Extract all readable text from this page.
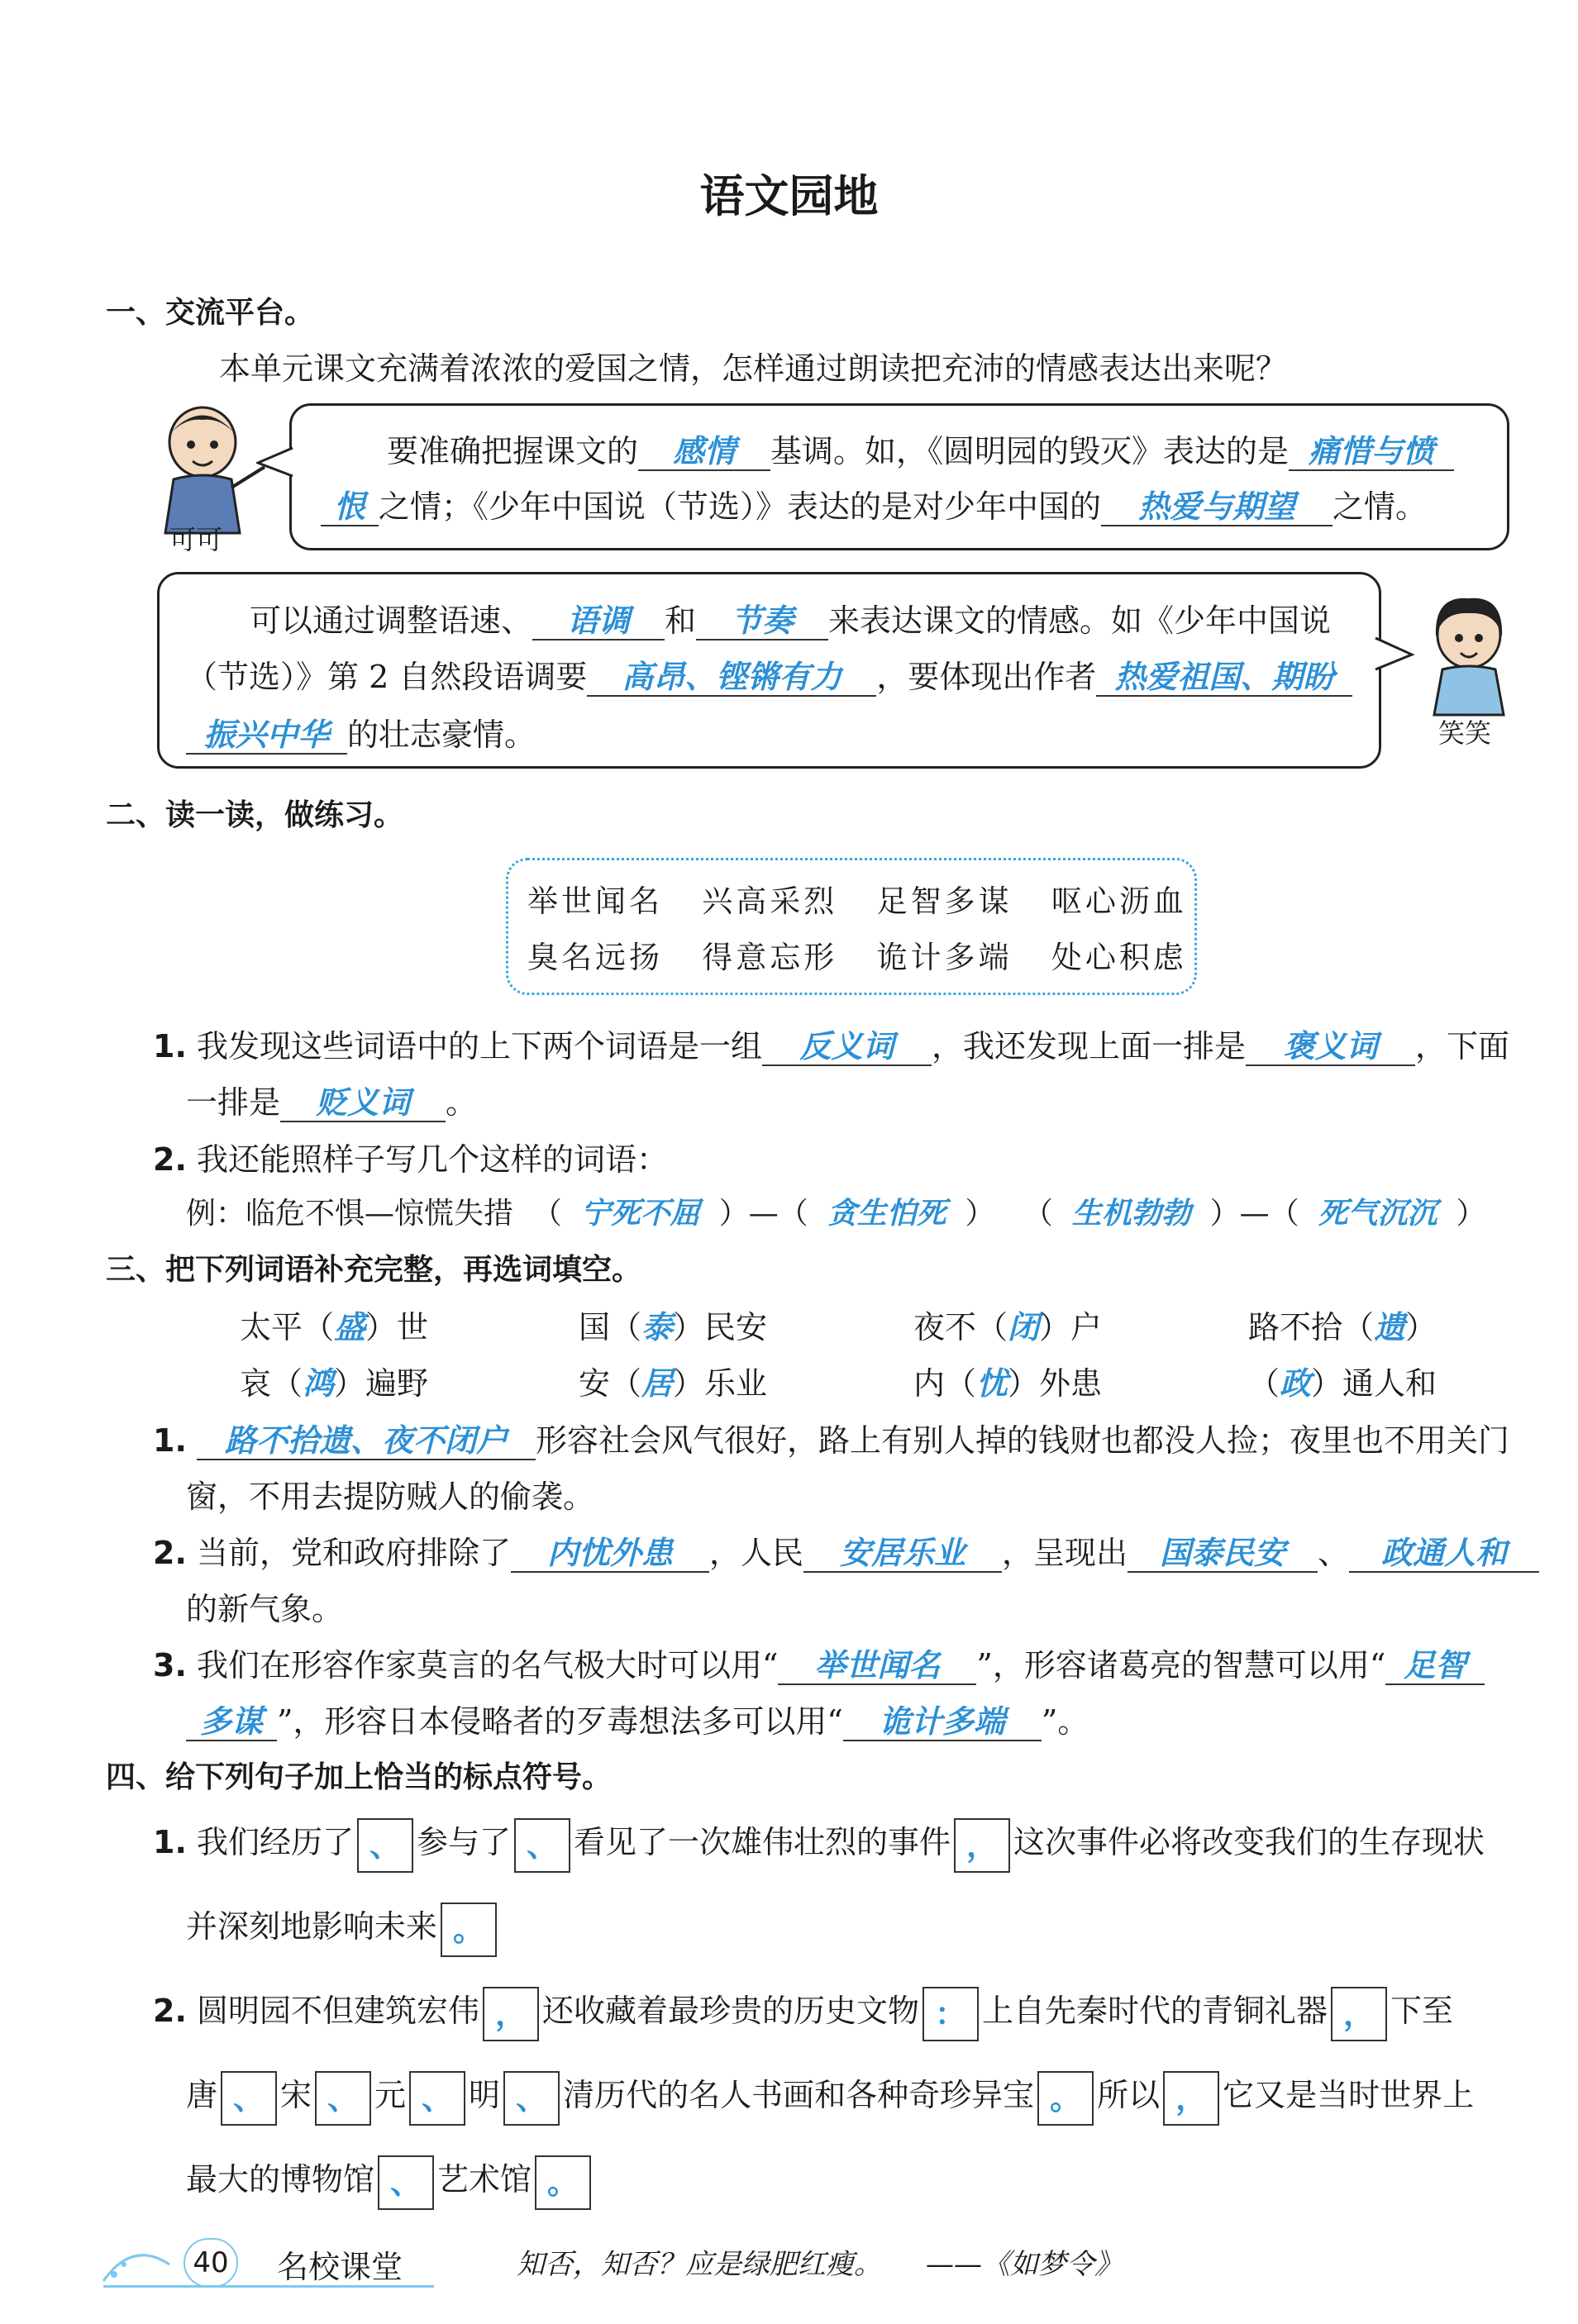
语文园地
一、交流平台。
本单元课文充满着浓浓的爱国之情，怎样通过朗读把充沛的情感表达出来呢？
可可
要准确把握课文的 感情 基调。如，《圆明园的毁灭》表达的是 痛惜与愤
恨 之情；《少年中国说（节选）》表达的是对少年中国的 热爱与期望 之情。
笑笑
可以通过调整语速、 语调 和 节奏 来表达课文的情感。如《少年中国说
（节选）》第 2 自然段语调要 高昂、铿锵有力 ，要体现出作者 热爱祖国、期盼
振兴中华 的壮志豪情。
二、读一读，做练习。
举世闻名 兴高采烈 足智多谋 呕心沥血
臭名远扬 得意忘形 诡计多端 处心积虑
1. 我发现这些词语中的上下两个词语是一组 反义词 ，我还发现上面一排是 褒义词 ，下面
一排是 贬义词 。
2. 我还能照样子写几个这样的词语：
例：临危不惧—惊慌失措  （  宁死不屈  ）—（  贪生怕死  ）   （  生机勃勃  ）—（  死气沉沉  ）
三、把下列词语补充完整，再选词填空。
太平（盛）世	国（泰）民安	夜不（闭）户	路不拾（遗）
哀（鸿）遍野	安（居）乐业	内（忧）外患	（政）通人和
1. 路不拾遗、夜不闭户 形容社会风气很好，路上有别人掉的钱财也都没人捡；夜里也不用关门
窗，不用去提防贼人的偷袭。
2. 当前，党和政府排除了 内忧外患 ，人民 安居乐业 ，呈现出 国泰民安 、 政通人和
的新气象。
3. 我们在形容作家莫言的名气极大时可以用“ 举世闻名 ”，形容诸葛亮的智慧可以用“ 足智
多谋 ”，形容日本侵略者的歹毒想法多可以用“ 诡计多端 ”。
四、给下列句子加上恰当的标点符号。
1. 我们经历了 、 参与了 、 看见了一次雄伟壮烈的事件 ， 这次事件必将改变我们的生存现状
并深刻地影响未来 。
2. 圆明园不但建筑宏伟 ， 还收藏着最珍贵的历史文物 ： 上自先秦时代的青铜礼器 ， 下至
唐 、 宋 、 元 、 明 、 清历代的名人书画和各种奇珍异宝 。 所以 ， 它又是当时世界上
最大的博物馆 、 艺术馆 。
40 名校课堂	知否，知否？应是绿肥红瘦。 ——《如梦令》
